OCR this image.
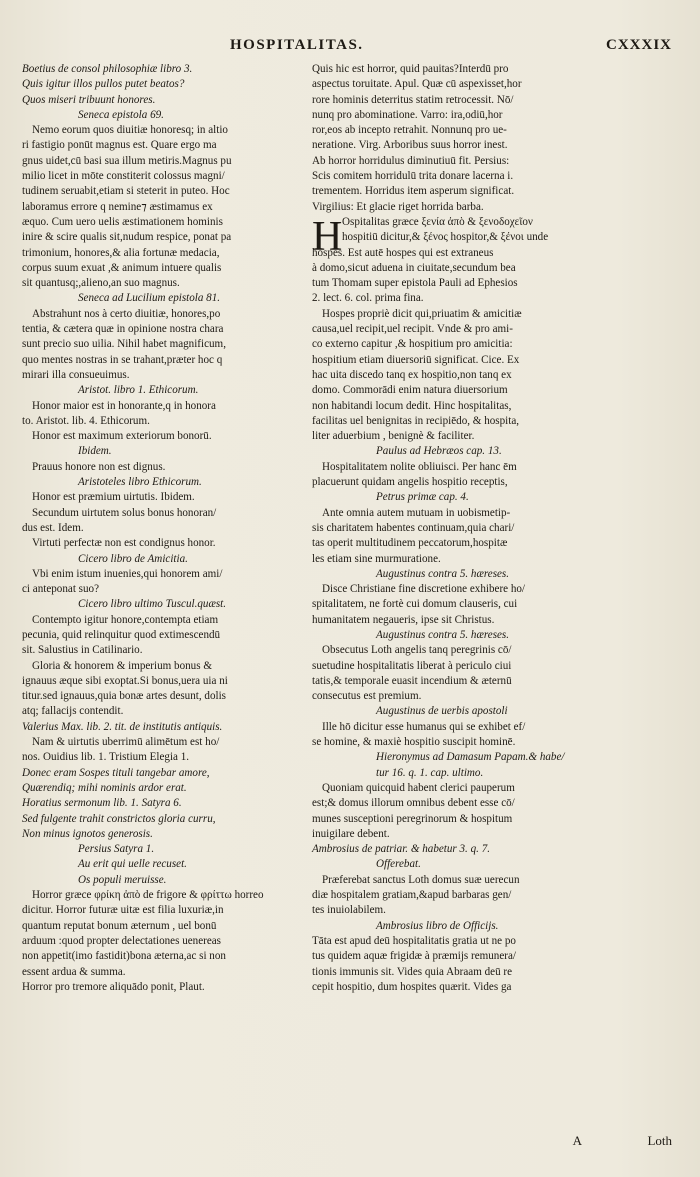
HOSPITALITAS.	CXXXIX

Boetius de consol philosophiæ libro 3.

Quis igitur illos pullos putet beatos?

Quos miseri tribuunt honores.

Seneca epistola 69.

Nemo eorum quos diuitiæ honoresq; in altio

ri fastigio ponūt magnus est. Quare ergo ma

gnus uidet,cū basi sua illum metiris.Magnus pu

milio licet in mōte constiterit colossus magni/

tudinem seruabit,etiam si steterit in puteo. Hoc

laboramus errore q nemine⁊ æstimamus ex

æquo. Cum uero uelis æstimationem hominis

inire & scire qualis sit,nudum respice, ponat pa

trimonium, honores,& alia fortunæ medacia,

corpus suum exuat ,& animum intuere qualis

sit quantusq;,alieno,an suo magnus.

Seneca ad Lucilium epistola 81.

Abstrahunt nos à certo diuitiæ, honores,po

tentia, & cætera quæ in opinione nostra chara

sunt precio suo uilia. Nihil habet magnificum,

quo mentes nostras in se trahant,præter hoc q

mirari illa consueuimus.

Aristot. libro 1. Ethicorum.

Honor maior est in honorante,q in honora

to. Aristot. lib. 4. Ethicorum.

Honor est maximum exteriorum bonorū.

Ibidem.

Prauus honore non est dignus.

Aristoteles libro Ethicorum.

Honor est præmium uirtutis. Ibidem.

Secundum uirtutem solus bonus honoran/

dus est. Idem.

Virtuti perfectæ non est condignus honor.

Cicero libro de Amicitia.

Vbi enim istum inuenies,qui honorem ami/

ci anteponat suo?

Cicero libro ultimo Tuscul.quæst.

Contempto igitur honore,contempta etiam

pecunia, quid relinquitur quod extimescendū

sit. Salustius in Catilinario.

Gloria & honorem & imperium bonus &

ignauus æque sibi exoptat.Si bonus,uera uia ni

titur.sed ignauus,quia bonæ artes desunt, dolis

atq; fallacijs contendit.

Valerius Max. lib. 2. tit. de institutis antiquis.

Nam & uirtutis uberrimū alimētum est ho/

nos. Ouidius lib. 1. Tristium Elegia 1.

Donec eram Sospes tituli tangebar amore,

Quærendiq; mihi nominis ardor erat.

Horatius sermonum lib. 1. Satyra 6.

Sed fulgente trahit constrictos gloria curru,

Non minus ignotos generosis.

Persius Satyra 1.

Au erit qui uelle recuset.

Os populi meruisse.

Horror græce φρίκη ἀπὸ de frigore & φρίττω horreo

dicitur. Horror futuræ uitæ est filia luxuriæ,in

quantum reputat bonum æternum , uel bonū

arduum :quod propter delectationes uenereas

non appetit(imo fastidit)bona æterna,ac si non

essent ardua & summa.

Horror pro tremore aliquādo ponit, Plaut.

Quis hic est horror, quid pauitas?Interdū pro

aspectus toruitate. Apul. Quæ cū aspexisset,hor

rore hominis deterritus statim retrocessit. Nō/

nunq pro abominatione. Varro: ira,odiū,hor

ror,eos ab incepto retrahit. Nonnunq pro ue-

neratione. Virg. Arboribus suus horror inest.

Ab horror horridulus diminutiuū fit. Persius:

Scis comitem horridulū trita donare lacerna i.

trementem. Horridus item asperum significat.

Virgilius: Et glacie riget horrida barba.

H Ospitalitas græce ξενία ἀπὸ & ξενοδοχεῖον

hospitiū dicitur,& ξένος hospitor,& ξένοι unde

hospes. Est autē hospes qui est extraneus

à domo,sicut aduena in ciuitate,secundum bea

tum Thomam super epistola Pauli ad Ephesios

2. lect. 6. col. prima fina.

Hospes propriè dicit qui,priuatim & amicitiæ

causa,uel recipit,uel recipit. Vnde & pro ami-

co externo capitur ,& hospitium pro amicitia:

hospitium etiam diuersoriū significat. Cice. Ex

hac uita discedo tanq ex hospitio,non tanq ex

domo. Commorādi enim natura diuersorium

non habitandi locum dedit. Hinc hospitalitas,

facilitas uel benignitas in recipiēdo, & hospita,

liter aduerbium , benignè & faciliter.

Paulus ad Hebræos cap. 13.

Hospitalitatem nolite obliuisci. Per hanc ēm

placuerunt quidam angelis hospitio receptis,

Petrus primæ cap. 4.

Ante omnia autem mutuam in uobismetip-

sis charitatem habentes continuam,quia chari/

tas operit multitudinem peccatorum,hospitæ

les etiam sine murmuratione.

Augustinus contra 5. hæreses.

Disce Christiane fine discretione exhibere ho/

spitalitatem, ne fortè cui domum clauseris, cui

humanitatem negaueris, ipse sit Christus.

Augustinus contra 5. hæreses.

Obsecutus Loth angelis tanq peregrinis cō/

suetudine hospitalitatis liberat à periculo ciui

tatis,& temporale euasit incendium & æternū

consecutus est premium.

Augustinus de uerbis apostoli

Ille hō dicitur esse humanus qui se exhibet ef/

se homine, & maxiè hospitio suscipit hominē.

Hieronymus ad Damasum Papam.& habe/

tur 16. q. 1. cap. ultimo.

Quoniam quicquid habent clerici pauperum

est;& domus illorum omnibus debent esse cō/

munes susceptioni peregrinorum & hospitum

inuigilare debent.

Ambrosius de patriar. & habetur 3. q. 7.

Offerebat.

Præferebat sanctus Loth domus suæ uerecun

diæ hospitalem gratiam,&apud barbaras gen/

tes inuiolabilem.

Ambrosius libro de Officijs.

Tāta est apud deū hospitalitatis gratia ut ne po

tus quidem aquæ frigidæ à præmijs remunera/

tionis immunis sit. Vides quia Abraam deū re

cepit hospitio, dum hospites quærit. Vides ga

A	Loth
